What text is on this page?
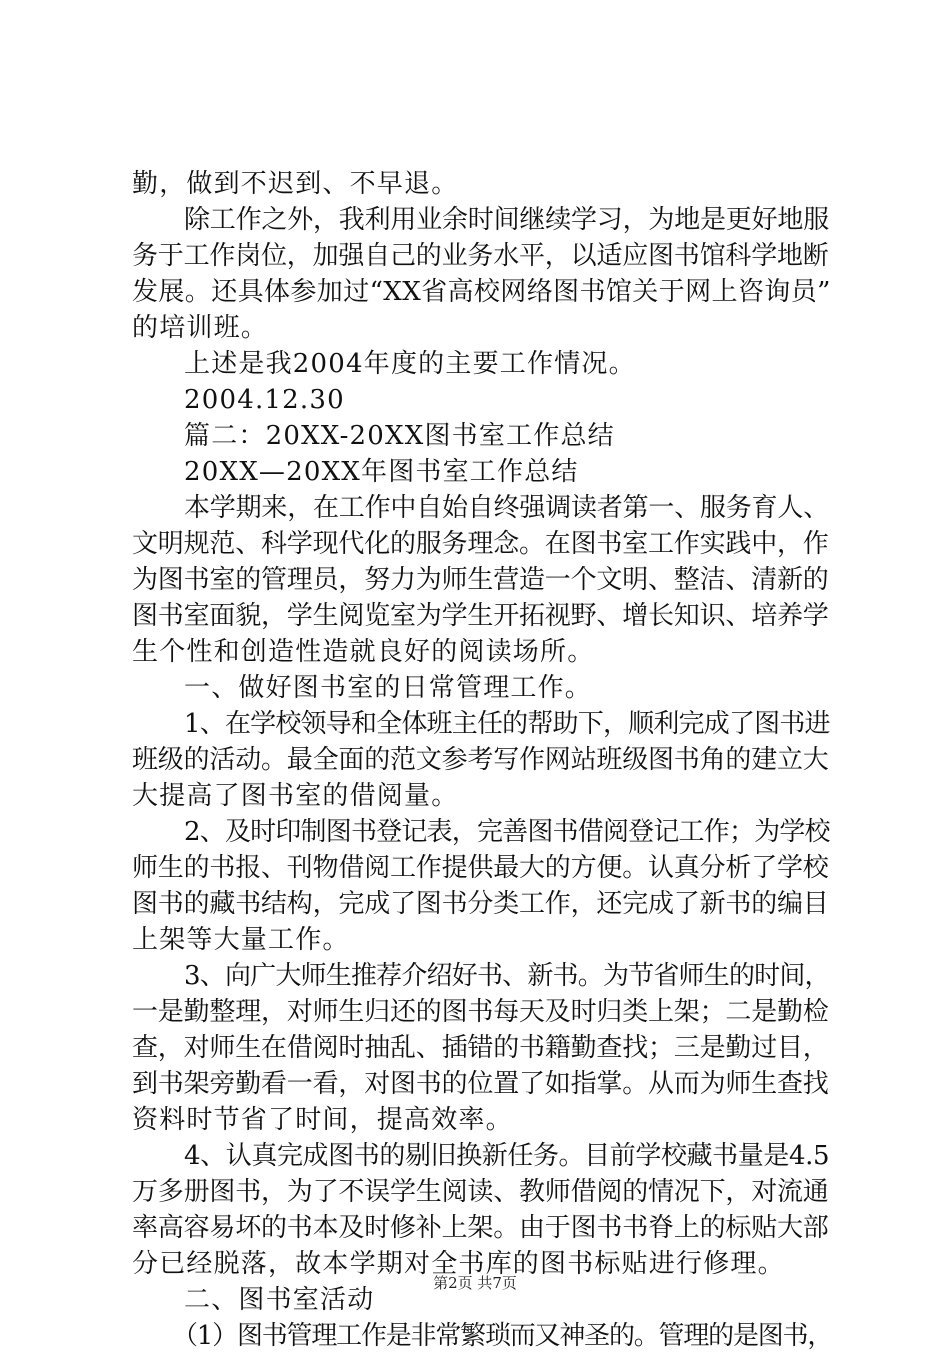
勤，做到不迟到、不早退。
除工作之外，我利用业余时间继续学习，为地是更好地服
务于工作岗位，加强自己的业务水平，以适应图书馆科学地断
发展。还具体参加过“XX省高校网络图书馆关于网上咨询员”
的培训班。
上述是我2004年度的主要工作情况。
2004.12.30
篇二：20XX-20XX图书室工作总结
20XX—20XX年图书室工作总结
本学期来，在工作中自始自终强调读者第一、服务育人、
文明规范、科学现代化的服务理念。在图书室工作实践中，作
为图书室的管理员，努力为师生营造一个文明、整洁、清新的
图书室面貌，学生阅览室为学生开拓视野、增长知识、培养学
生个性和创造性造就良好的阅读场所。
一、做好图书室的日常管理工作。
1、在学校领导和全体班主任的帮助下，顺利完成了图书进
班级的活动。最全面的范文参考写作网站班级图书角的建立大
大提高了图书室的借阅量。
2、及时印制图书登记表，完善图书借阅登记工作；为学校
师生的书报、刊物借阅工作提供最大的方便。认真分析了学校
图书的藏书结构，完成了图书分类工作，还完成了新书的编目
上架等大量工作。
3、向广大师生推荐介绍好书、新书。为节省师生的时间，
一是勤整理，对师生归还的图书每天及时归类上架；二是勤检
查，对师生在借阅时抽乱、插错的书籍勤查找；三是勤过目，
到书架旁勤看一看，对图书的位置了如指掌。从而为师生查找
资料时节省了时间，提高效率。
4、认真完成图书的剔旧换新任务。目前学校藏书量是4.5
万多册图书，为了不误学生阅读、教师借阅的情况下，对流通
率高容易坏的书本及时修补上架。由于图书书脊上的标贴大部
分已经脱落，故本学期对全书库的图书标贴进行修理。
二、图书室活动
（1）图书管理工作是非常繁琐而又神圣的。管理的是图书，
第2页 共7页
